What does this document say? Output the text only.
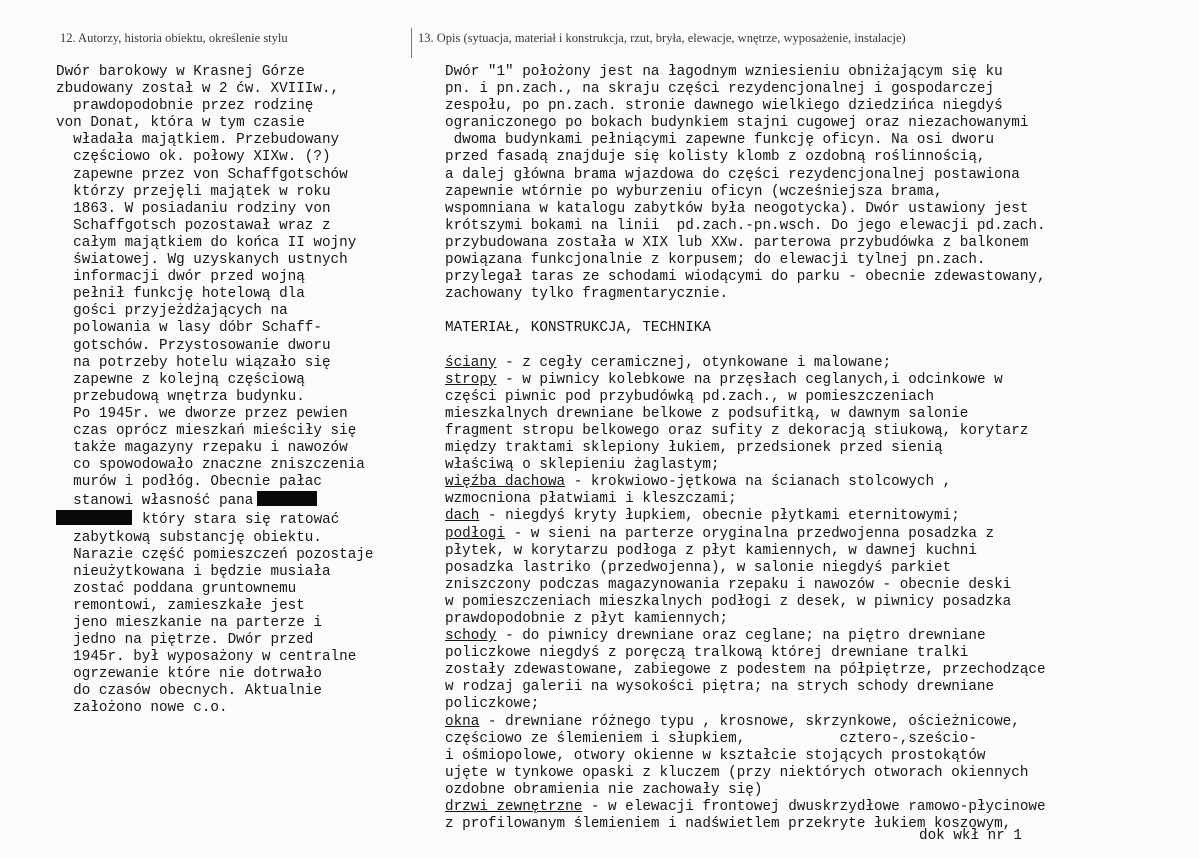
12. Autorzy, historia obiektu, określenie stylu	13. Opis (sytuacja, materiał i konstrukcja, rzut, bryła, elewacje, wnętrze, wyposażenie, instalacje)
Dwór barokowy w Krasnej Górze
zbudowany został w 2 ćw. XVIIIw.,
prawdopodobnie przez rodzinę
von Donat, która w tym czasie
władała majątkiem. Przebudowany
częściowo ok. połowy XIXw. (?)
zapewne przez von Schaffgotschów
którzy przejęli majątek w roku
1863. W posiadaniu rodziny von
Schaffgotsch pozostawał wraz z
całym majątkiem do końca II wojny
światowej. Wg uzyskanych ustnych
informacji dwór przed wojną
pełnił funkcję hotelową dla
gości przyjeżdżających na
polowania w lasy dóbr Schaff-
gotschów. Przystosowanie dworu
na potrzeby hotelu wiązało się
zapewne z kolejną częściową
przebudową wnętrza budynku.
Po 1945r. we dworze przez pewien
czas oprócz mieszkań mieściły się
także magazyny rzepaku i nawozów
co spowodowało znaczne zniszczenia
murów i podłóg. Obecnie pałac
stanowi własność pana
który stara się ratować
zabytkową substancję obiektu.
Narazie część pomieszczeń pozostaje
nieużytkowana i będzie musiała
zostać poddana gruntownemu
remontowi, zamieszkałe jest
jeno mieszkanie na parterze i
jedno na piętrze. Dwór przed
1945r. był wyposażony w centralne
ogrzewanie które nie dotrwało
do czasów obecnych. Aktualnie
założono nowe c.o.
Dwór "1" położony jest na łagodnym wzniesieniu obniżającym się ku
pn. i pn.zach., na skraju części rezydencjonalnej i gospodarczej
zespołu, po pn.zach. stronie dawnego wielkiego dziedzińca niegdyś
ograniczonego po bokach budynkiem stajni cugowej oraz niezachowanymi
dwoma budynkami pełniącymi zapewne funkcję oficyn. Na osi dworu
przed fasadą znajduje się kolisty klomb z ozdobną roślinnością,
a dalej główna brama wjazdowa do części rezydencjonalnej postawiona
zapewnie wtórnie po wyburzeniu oficyn (wcześniejsza brama,
wspomniana w katalogu zabytków była neogotycka). Dwór ustawiony jest
krótszymi bokami na linii  pd.zach.-pn.wsch. Do jego elewacji pd.zach.
przybudowana została w XIX lub XXw. parterowa przybudówka z balkonem
powiązana funkcjonalnie z korpusem; do elewacji tylnej pn.zach.
przylegał taras ze schodami wiodącymi do parku - obecnie zdewastowany,
zachowany tylko fragmentarycznie.

MATERIAŁ, KONSTRUKCJA, TECHNIKA

ściany - z cegły ceramicznej, otynkowane i malowane;
stropy - w piwnicy kolebkowe na przęsłach ceglanych,i odcinkowe w
części piwnic pod przybudówką pd.zach., w pomieszczeniach
mieszkalnych drewniane belkowe z podsufitką, w dawnym salonie
fragment stropu belkowego oraz sufity z dekoracją stiukową, korytarz
między traktami sklepiony łukiem, przedsionek przed sienią
właściwą o sklepieniu żaglastym;
więźba dachowa - krokwiowo-jętkowa na ścianach stolcowych ,
wzmocniona płatwiami i kleszczami;
dach - niegdyś kryty łupkiem, obecnie płytkami eternitowymi;
podłogi - w sieni na parterze oryginalna przedwojenna posadzka z
płytek, w korytarzu podłoga z płyt kamiennych, w dawnej kuchni
posadzka lastriko (przedwojenna), w salonie niegdyś parkiet
zniszczony podczas magazynowania rzepaku i nawozów - obecnie deski
w pomieszczeniach mieszkalnych podłogi z desek, w piwnicy posadzka
prawdopodobnie z płyt kamiennych;
schody - do piwnicy drewniane oraz ceglane; na piętro drewniane
policzkowe niegdyś z poręczą tralkową której drewniane tralki
zostały zdewastowane, zabiegowe z podestem na półpiętrze, przechodzące
w rodzaj galerii na wysokości piętra; na strych schody drewniane
policzkowe;
okna - drewniane różnego typu , krosnowe, skrzynkowe, ościeżnicowe,
częściowo ze ślemieniem i słupkiem,           cztero-,sześcio-
i ośmiopolowe, otwory okienne w kształcie stojących prostokątów
ujęte w tynkowe opaski z kluczem (przy niektórych otworach okiennych
ozdobne obramienia nie zachowały się)
drzwi zewnętrzne - w elewacji frontowej dwuskrzydłowe ramowo-płycinowe
z profilowanym ślemieniem i nadświetlem przekryte łukiem koszowym,
dok wkł nr 1
